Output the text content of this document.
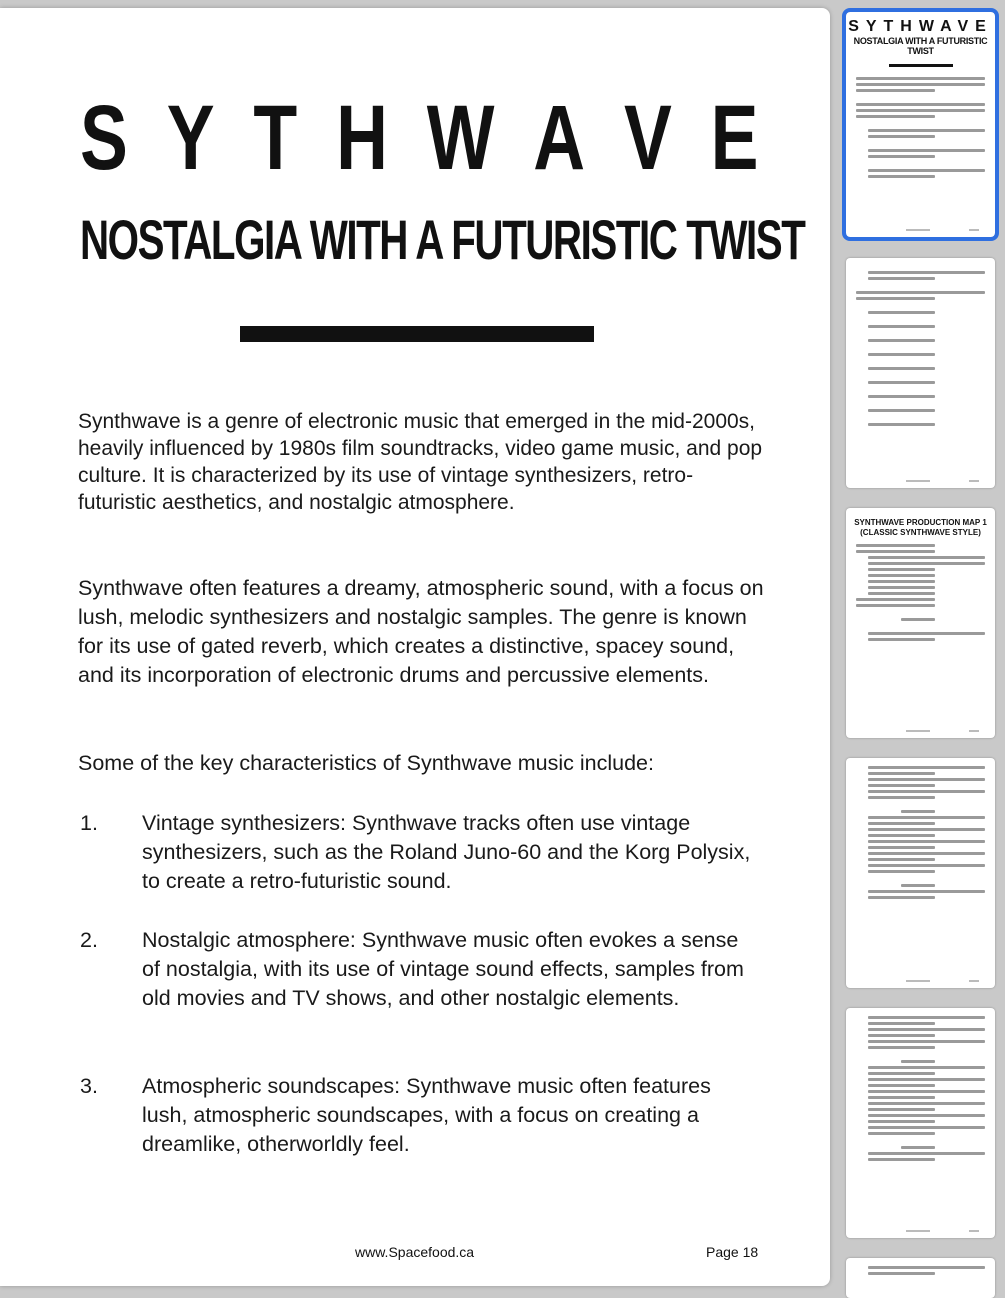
S Y T H W A V E
NOSTALGIA WITH A FUTURISTIC TWIST

Synthwave is a genre of electronic music that emerged in the mid-2000s, heavily influenced by 1980s film soundtracks, video game music, and pop culture. It is characterized by its use of vintage synthesizers, retro-futuristic aesthetics, and nostalgic atmosphere.

Synthwave often features a dreamy, atmospheric sound, with a focus on lush, melodic synthesizers and nostalgic samples. The genre is known for its use of gated reverb, which creates a distinctive, spacey sound, and its incorporation of electronic drums and percussive elements.

Some of the key characteristics of Synthwave music include:

1. Vintage synthesizers: Synthwave tracks often use vintage synthesizers, such as the Roland Juno-60 and the Korg Polysix, to create a retro-futuristic sound.
2. Nostalgic atmosphere: Synthwave music often evokes a sense of nostalgia, with its use of vintage sound effects, samples from old movies and TV shows, and other nostalgic elements.
3. Atmospheric soundscapes: Synthwave music often features lush, atmospheric soundscapes, with a focus on creating a dreamlike, otherworldly feel.
www.Spacefood.ca	Page 18
SYTHWAVE
NOSTALGIA WITH A FUTURISTIC TWIST
SYNTHWAVE PRODUCTION MAP 1 (CLASSIC SYNTHWAVE STYLE)
